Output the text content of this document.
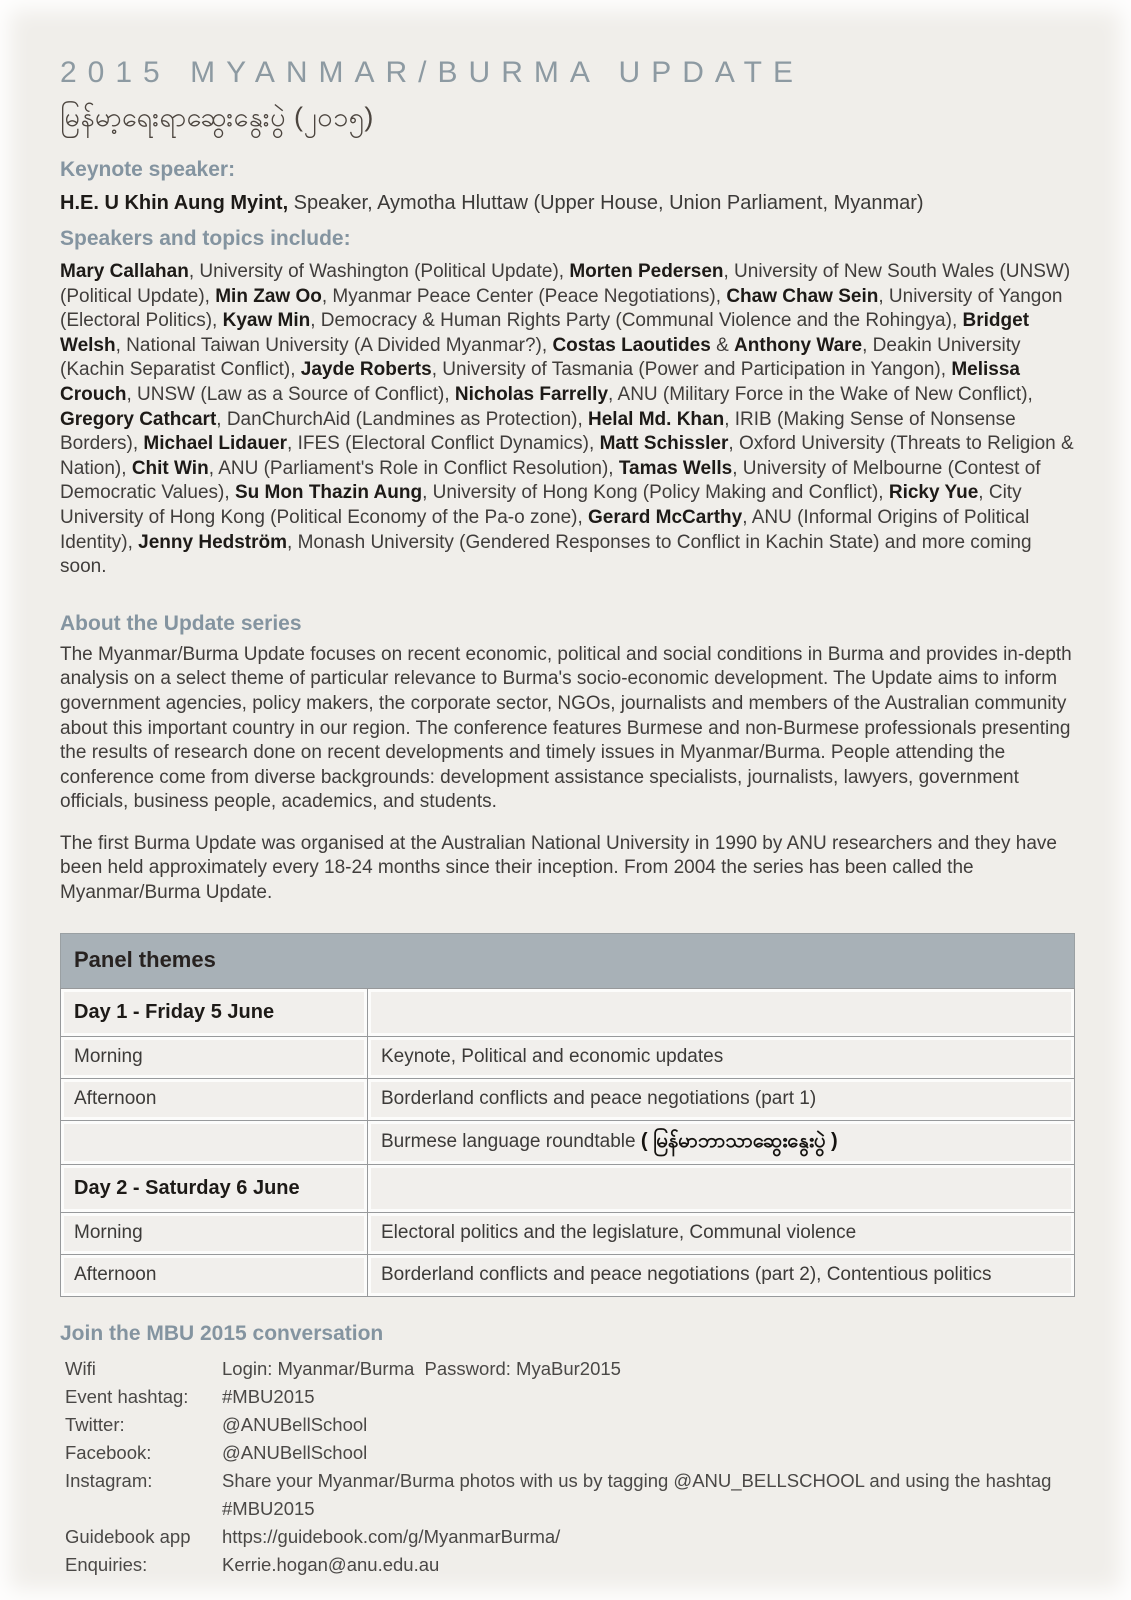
2015 MYANMAR/BURMA UPDATE
မြန်မာ့ရေးရာဆွေးနွေးပွဲ (၂၀၁၅)
Keynote speaker:

H.E. U Khin Aung Myint, Speaker, Aymotha Hluttaw (Upper House, Union Parliament, Myanmar)

Speakers and topics include:

Mary Callahan, University of Washington (Political Update), Morten Pedersen, University of New South Wales (UNSW) (Political Update), Min Zaw Oo, Myanmar Peace Center (Peace Negotiations), Chaw Chaw Sein, University of Yangon (Electoral Politics), Kyaw Min, Democracy & Human Rights Party (Communal Violence and the Rohingya), Bridget Welsh, National Taiwan University (A Divided Myanmar?), Costas Laoutides & Anthony Ware, Deakin University (Kachin Separatist Conflict), Jayde Roberts, University of Tasmania (Power and Participation in Yangon), Melissa Crouch, UNSW (Law as a Source of Conflict), Nicholas Farrelly, ANU (Military Force in the Wake of New Conflict), Gregory Cathcart, DanChurchAid (Landmines as Protection), Helal Md. Khan, IRIB (Making Sense of Nonsense Borders), Michael Lidauer, IFES (Electoral Conflict Dynamics), Matt Schissler, Oxford University (Threats to Religion & Nation), Chit Win, ANU (Parliament's Role in Conflict Resolution), Tamas Wells, University of Melbourne (Contest of Democratic Values), Su Mon Thazin Aung, University of Hong Kong (Policy Making and Conflict), Ricky Yue, City University of Hong Kong (Political Economy of the Pa-o zone), Gerard McCarthy, ANU (Informal Origins of Political Identity), Jenny Hedström, Monash University (Gendered Responses to Conflict in Kachin State) and more coming soon.

About the Update series

The Myanmar/Burma Update focuses on recent economic, political and social conditions in Burma and provides in-depth analysis on a select theme of particular relevance to Burma's socio-economic development. The Update aims to inform government agencies, policy makers, the corporate sector, NGOs, journalists and members of the Australian community about this important country in our region. The conference features Burmese and non-Burmese professionals presenting the results of research done on recent developments and timely issues in Myanmar/Burma. People attending the conference come from diverse backgrounds: development assistance specialists, journalists, lawyers, government officials, business people, academics, and students.

The first Burma Update was organised at the Australian National University in 1990 by ANU researchers and they have been held approximately every 18-24 months since their inception. From 2004 the series has been called the Myanmar/Burma Update.

Panel themes
Day 1 - Friday 5 June	
Morning	Keynote, Political and economic updates
Afternoon	Borderland conflicts and peace negotiations (part 1)
	Burmese language roundtable ( မြန်မာဘာသာဆွေးနွေးပွဲ )
Day 2 - Saturday 6 June	
Morning	Electoral politics and the legislature, Communal violence
Afternoon	Borderland conflicts and peace negotiations (part 2), Contentious politics
Join the MBU 2015 conversation
Wifi	Login: Myanmar/Burma  Password: MyaBur2015
Event hashtag:	#MBU2015
Twitter:	@ANUBellSchool
Facebook:	@ANUBellSchool
Instagram:	Share your Myanmar/Burma photos with us by tagging @ANU_BELLSCHOOL and using the hashtag #MBU2015
Guidebook app	https://guidebook.com/g/MyanmarBurma/
Enquiries:	Kerrie.hogan@anu.edu.au
